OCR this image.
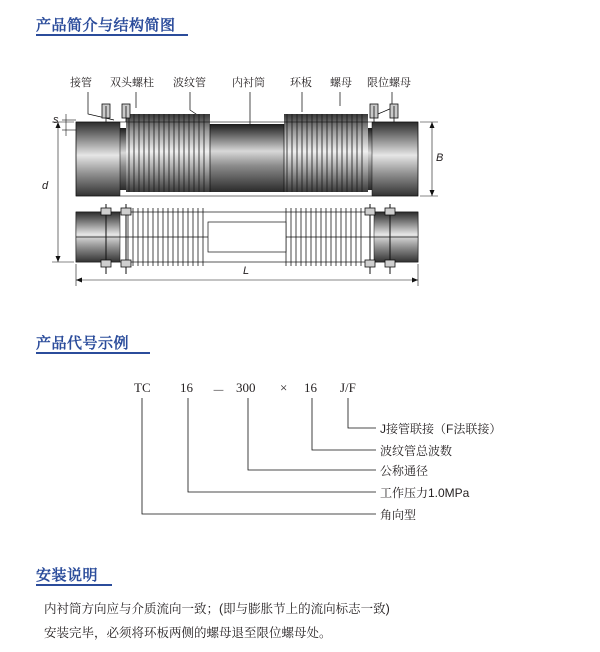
产品简介与结构简图
接管 双头螺柱 波纹管 内衬筒 环板 螺母 限位螺母
s
d
B
L
产品代号示例
TC 16 － 300 × 16 J/F
J接管联接（F法联接）
波纹管总波数
公称通径
工作压力1.0MPa
角向型
安装说明

内衬筒方向应与介质流向一致；(即与膨胀节上的流向标志一致)

安装完毕，必须将环板两侧的螺母退至限位螺母处。
